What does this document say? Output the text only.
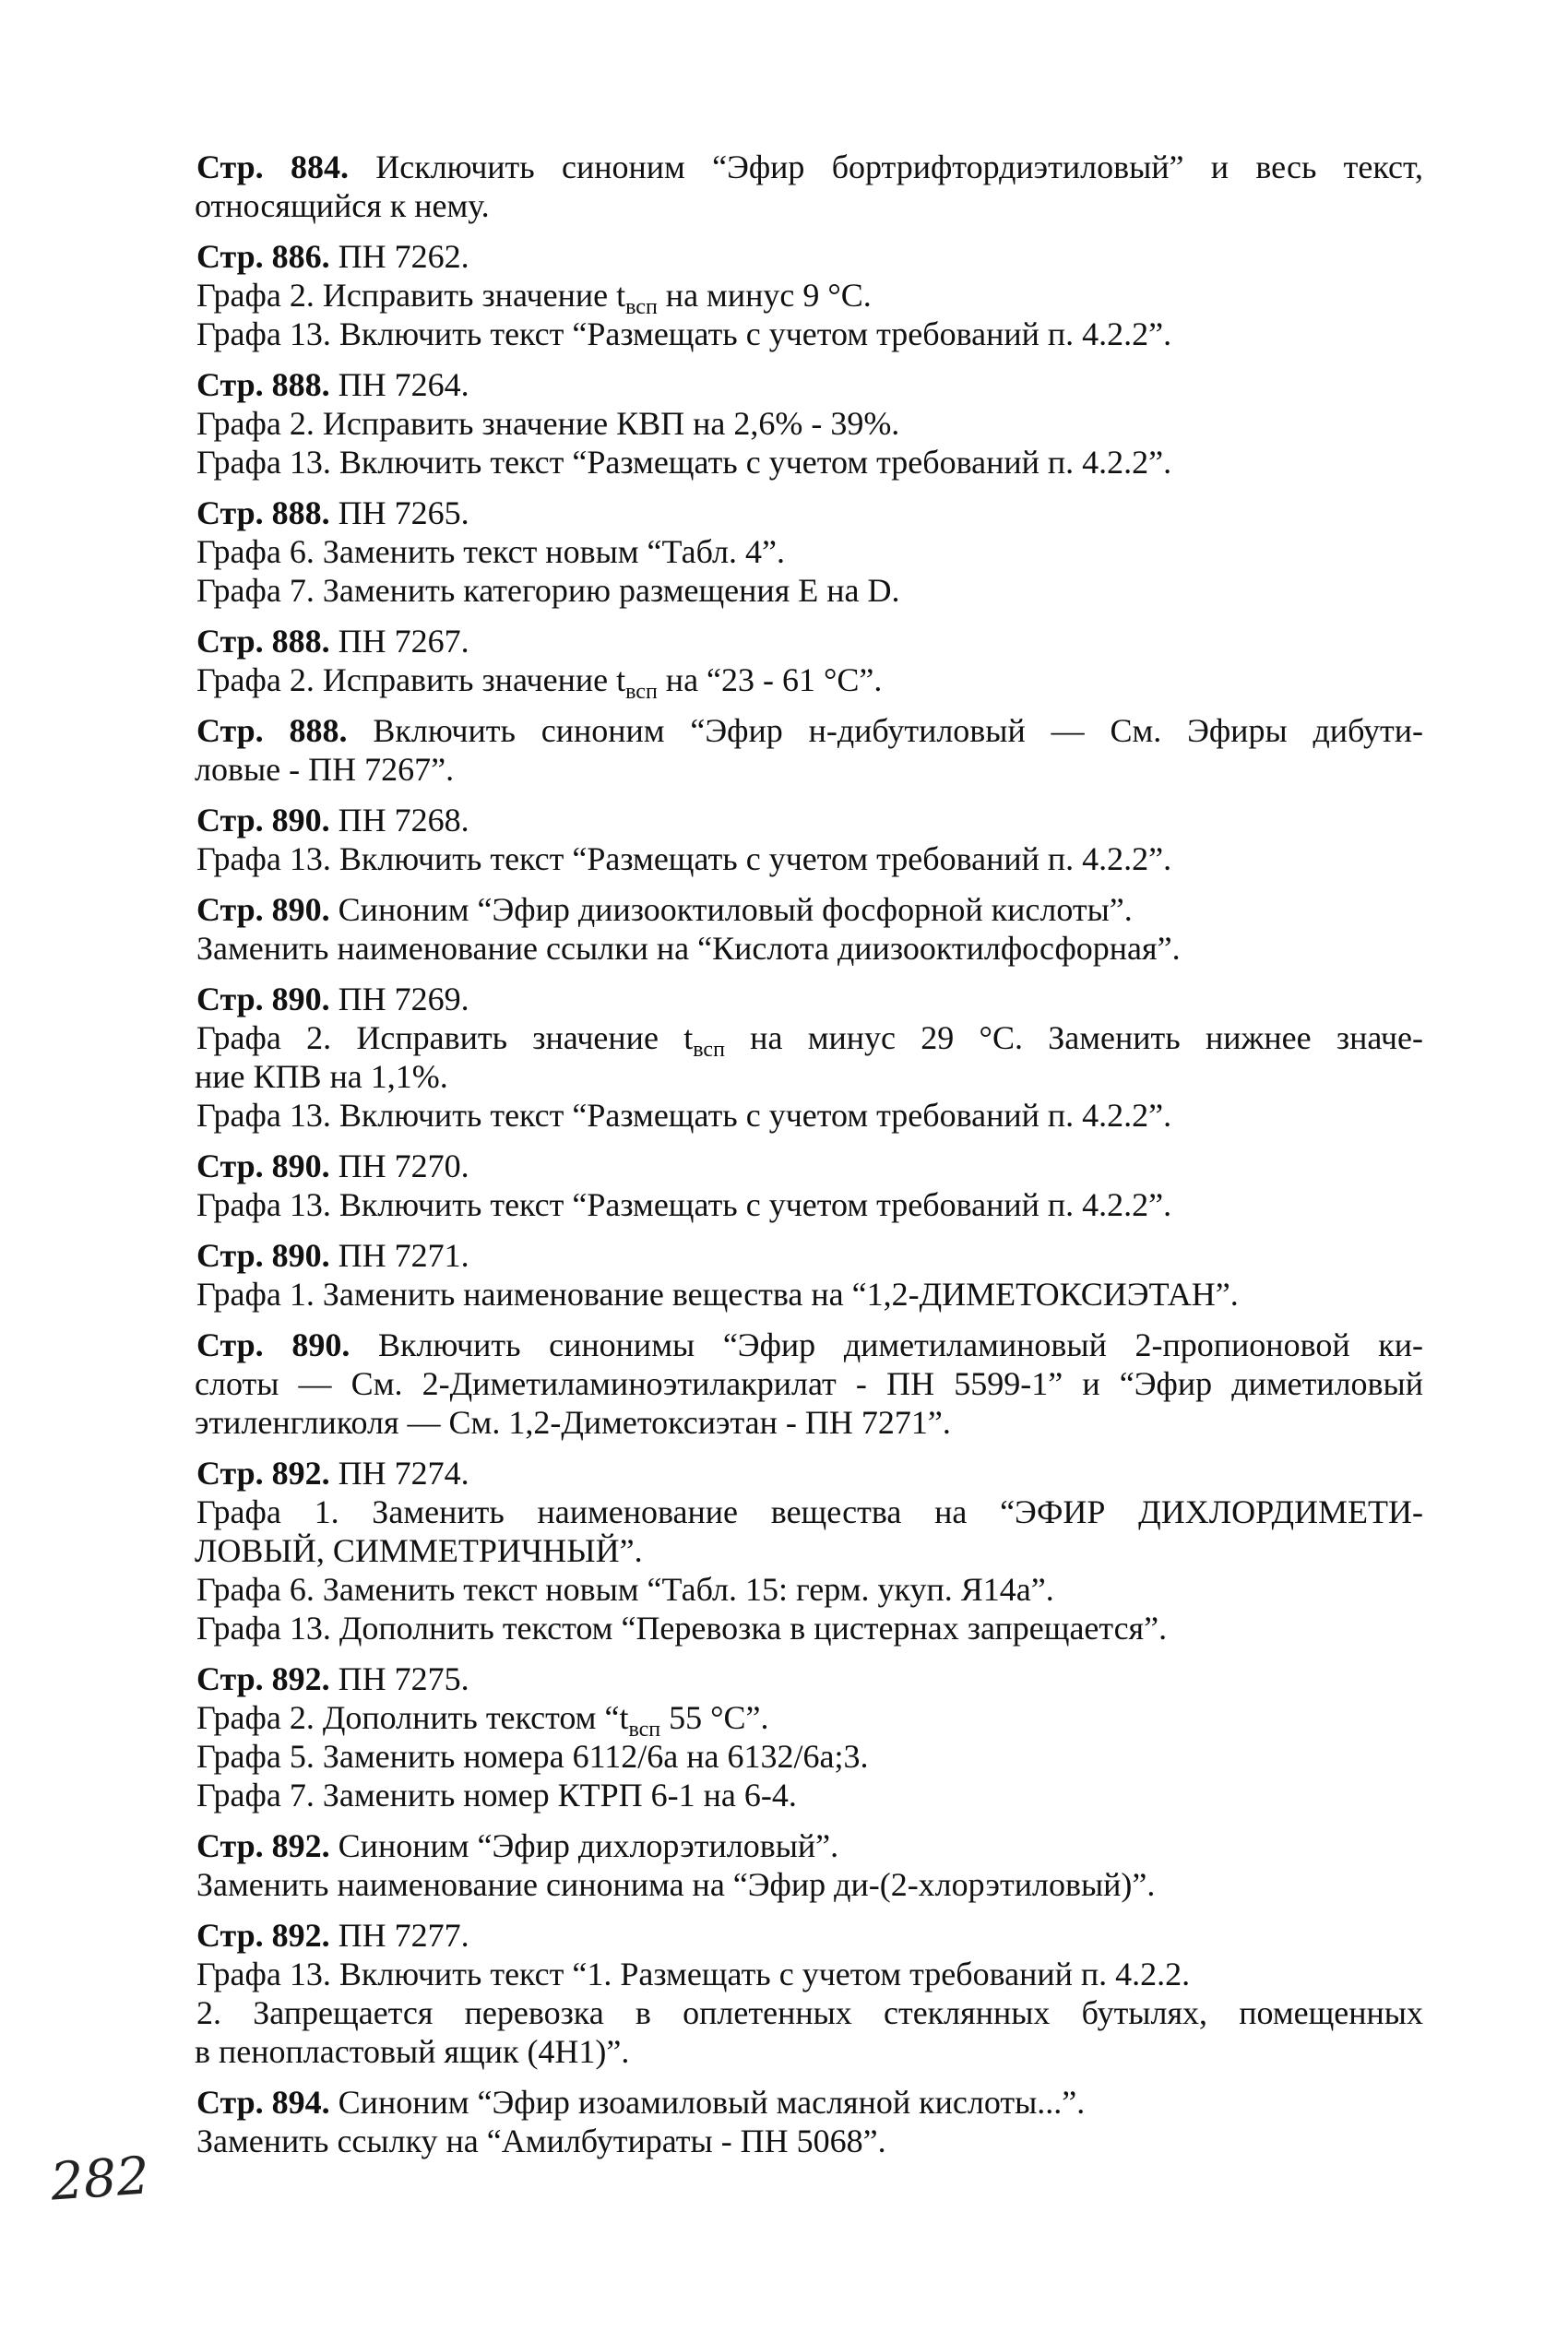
Стр. 884. Исключить синоним “Эфир бортрифтордиэтиловый” и весь текст,
относящийся к нему.
Стр. 886. ПН 7262.
Графа 2. Исправить значение $t_{всп}$ на минус 9 °С.
Графа 13. Включить текст “Размещать с учетом требований п. 4.2.2”.
Стр. 888. ПН 7264.
Графа 2. Исправить значение КВП на 2,6% - 39%.
Графа 13. Включить текст “Размещать с учетом требований п. 4.2.2”.
Стр. 888. ПН 7265.
Графа 6. Заменить текст новым “Табл. 4”.
Графа 7. Заменить категорию размещения Е на D.
Стр. 888. ПН 7267.
Графа 2. Исправить значение $t_{всп}$ на “23 - 61 °С”.
Стр. 888. Включить синоним “Эфир н-дибутиловый — См. Эфиры дибути-
ловые - ПН 7267”.
Стр. 890. ПН 7268.
Графа 13. Включить текст “Размещать с учетом требований п. 4.2.2”.
Стр. 890. Синоним “Эфир диизооктиловый фосфорной кислоты”.
Заменить наименование ссылки на “Кислота диизооктилфосфорная”.
Стр. 890. ПН 7269.
Графа 2. Исправить значение $t_{всп}$ на минус 29 °С. Заменить нижнее значе-
ние КПВ на 1,1%.
Графа 13. Включить текст “Размещать с учетом требований п. 4.2.2”.
Стр. 890. ПН 7270.
Графа 13. Включить текст “Размещать с учетом требований п. 4.2.2”.
Стр. 890. ПН 7271.
Графа 1. Заменить наименование вещества на “1,2-ДИМЕТОКСИЭТАН”.
Стр. 890. Включить синонимы “Эфир диметиламиновый 2-пропионовой ки-
слоты — См. 2-Диметиламиноэтилакрилат - ПН 5599-1” и “Эфир диметиловый
этиленгликоля — См. 1,2-Диметоксиэтан - ПН 7271”.
Стр. 892. ПН 7274.
Графа 1. Заменить наименование вещества на “ЭФИР ДИХЛОРДИМЕТИ-
ЛОВЫЙ, СИММЕТРИЧНЫЙ”.
Графа 6. Заменить текст новым “Табл. 15: герм. укуп. Я14а”.
Графа 13. Дополнить текстом “Перевозка в цистернах запрещается”.
Стр. 892. ПН 7275.
Графа 2. Дополнить текстом “$t_{всп}$ 55 °С”.
Графа 5. Заменить номера 6112/6а на 6132/6а;3.
Графа 7. Заменить номер КТРП 6-1 на 6-4.
Стр. 892. Синоним “Эфир дихлорэтиловый”.
Заменить наименование синонима на “Эфир ди-(2-хлорэтиловый)”.
Стр. 892. ПН 7277.
Графа 13. Включить текст “1. Размещать с учетом требований п. 4.2.2.
2. Запрещается перевозка в оплетенных стеклянных бутылях, помещенных
в пенопластовый ящик (4Н1)”.
Стр. 894. Синоним “Эфир изоамиловый масляной кислоты...”.
Заменить ссылку на “Амилбутираты - ПН 5068”.
282
